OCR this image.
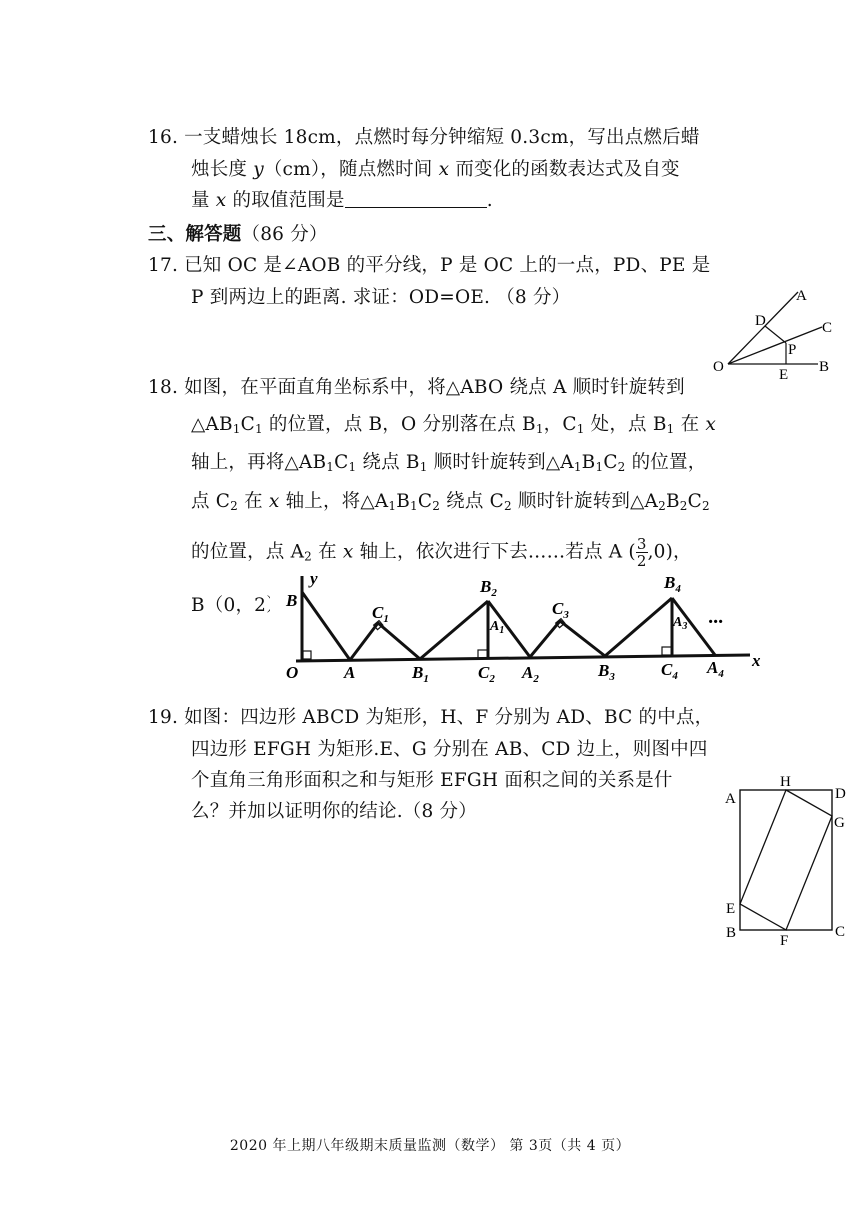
16. 一支蜡烛长 18cm，点燃时每分钟缩短 0.3cm，写出点燃后蜡
烛长度 y（cm），随点燃时间 x 而变化的函数表达式及自变
量 x 的取值范围是	.
三、解答题（86 分）
17. 已知 OC 是∠AOB 的平分线，P 是 OC 上的一点，PD、PE 是
P 到两边上的距离. 求证：OD=OE. （8 分）	A
C
D
P
O	E B
18. 如图，在平面直角坐标系中，将△ABO 绕点 A 顺时针旋转到
$\triangle AB_1C_1$ 的位置，点 B，O 分别落在点 $B_1$，$C_1$ 处，点 $B_1$ 在 x
轴上，再将$\triangle AB_1C_1$ 绕点 $B_1$ 顺时针旋转到$\triangle A_1B_1C_2$ 的位置，
点 $C_2$ 在 x 轴上，将$\triangle A_1B_1C_2$ 绕点 $C_2$ 顺时针旋转到$\triangle A_2B_2C_2$
的位置，点 $A_2$ 在 x 轴上，依次进行下去……若点 A ( $\frac{3}{2} ,0$)，
B（0，2）
y
B
$C_1$
$B_2$
$A_1$
$C_3$
$B_4$
$A_3$ ···
O	A	$B_1$	$C_2$ $A_2$	$B_3$	$C_4$ $A_4$
x
19. 如图：四边形 ABCD 为矩形，H、F 分别为 AD、BC 的中点，
四边形 EFGH 为矩形.E、G 分别在 AB、CD 边上，则图中四
个直角三角形面积之和与矩形 EFGH 面积之间的关系是什
么？并加以证明你的结论.（8 分）
A
H
D
G
E
B	F
C
2020 年上期八年级期末质量监测（数学） 第 3页（共 4 页）
